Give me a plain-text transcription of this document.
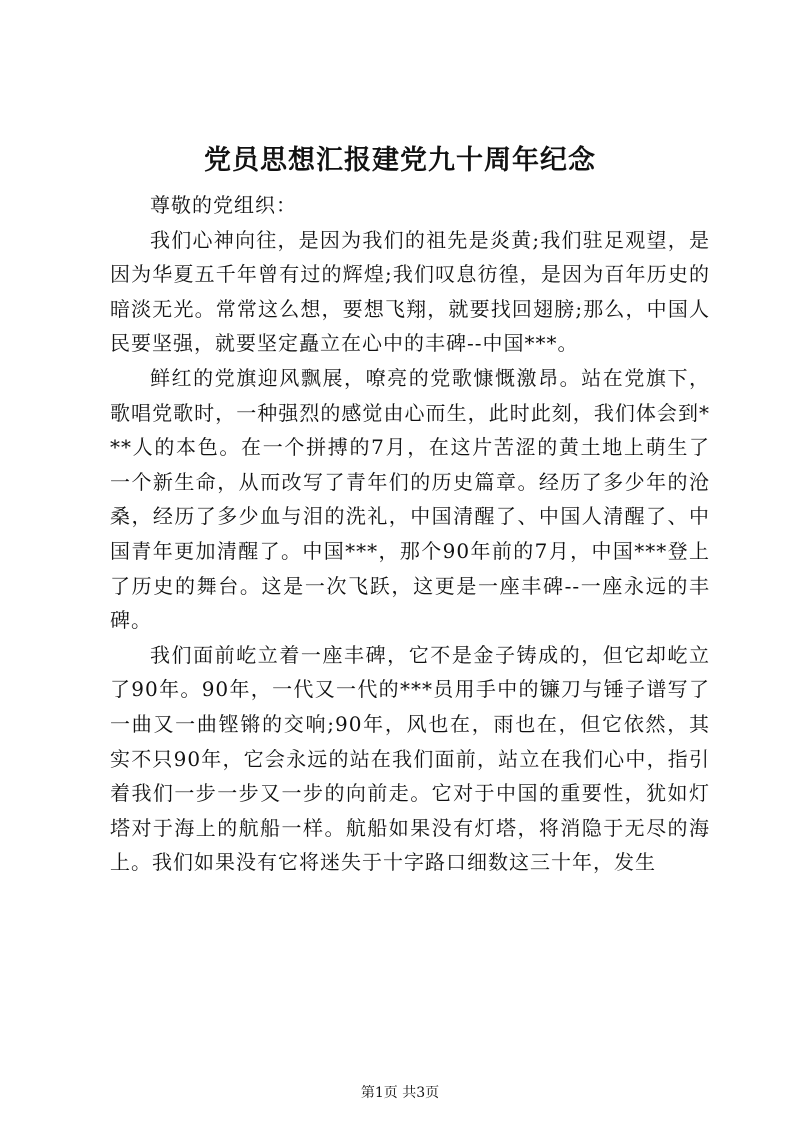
党员思想汇报建党九十周年纪念

尊敬的党组织：

我们心神向往，是因为我们的祖先是炎黄;我们驻足观望，是因为华夏五千年曾有过的辉煌;我们叹息彷徨，是因为百年历史的暗淡无光。常常这么想，要想飞翔，就要找回翅膀;那么，中国人民要坚强，就要坚定矗立在心中的丰碑--中国***。

鲜红的党旗迎风飘展，嘹亮的党歌慷慨激昂。站在党旗下，歌唱党歌时，一种强烈的感觉由心而生，此时此刻，我们体会到***人的本色。在一个拼搏的7月，在这片苦涩的黄土地上萌生了一个新生命，从而改写了青年们的历史篇章。经历了多少年的沧桑，经历了多少血与泪的洗礼，中国清醒了、中国人清醒了、中国青年更加清醒了。中国***，那个90年前的7月，中国***登上了历史的舞台。这是一次飞跃，这更是一座丰碑--一座永远的丰碑。

我们面前屹立着一座丰碑，它不是金子铸成的，但它却屹立了90年。90年，一代又一代的***员用手中的镰刀与锤子谱写了一曲又一曲铿锵的交响;90年，风也在，雨也在，但它依然，其实不只90年，它会永远的站在我们面前，站立在我们心中，指引着我们一步一步又一步的向前走。它对于中国的重要性，犹如灯塔对于海上的航船一样。航船如果没有灯塔，将消隐于无尽的海上。我们如果没有它将迷失于十字路口细数这三十年，发生

第1页 共3页
